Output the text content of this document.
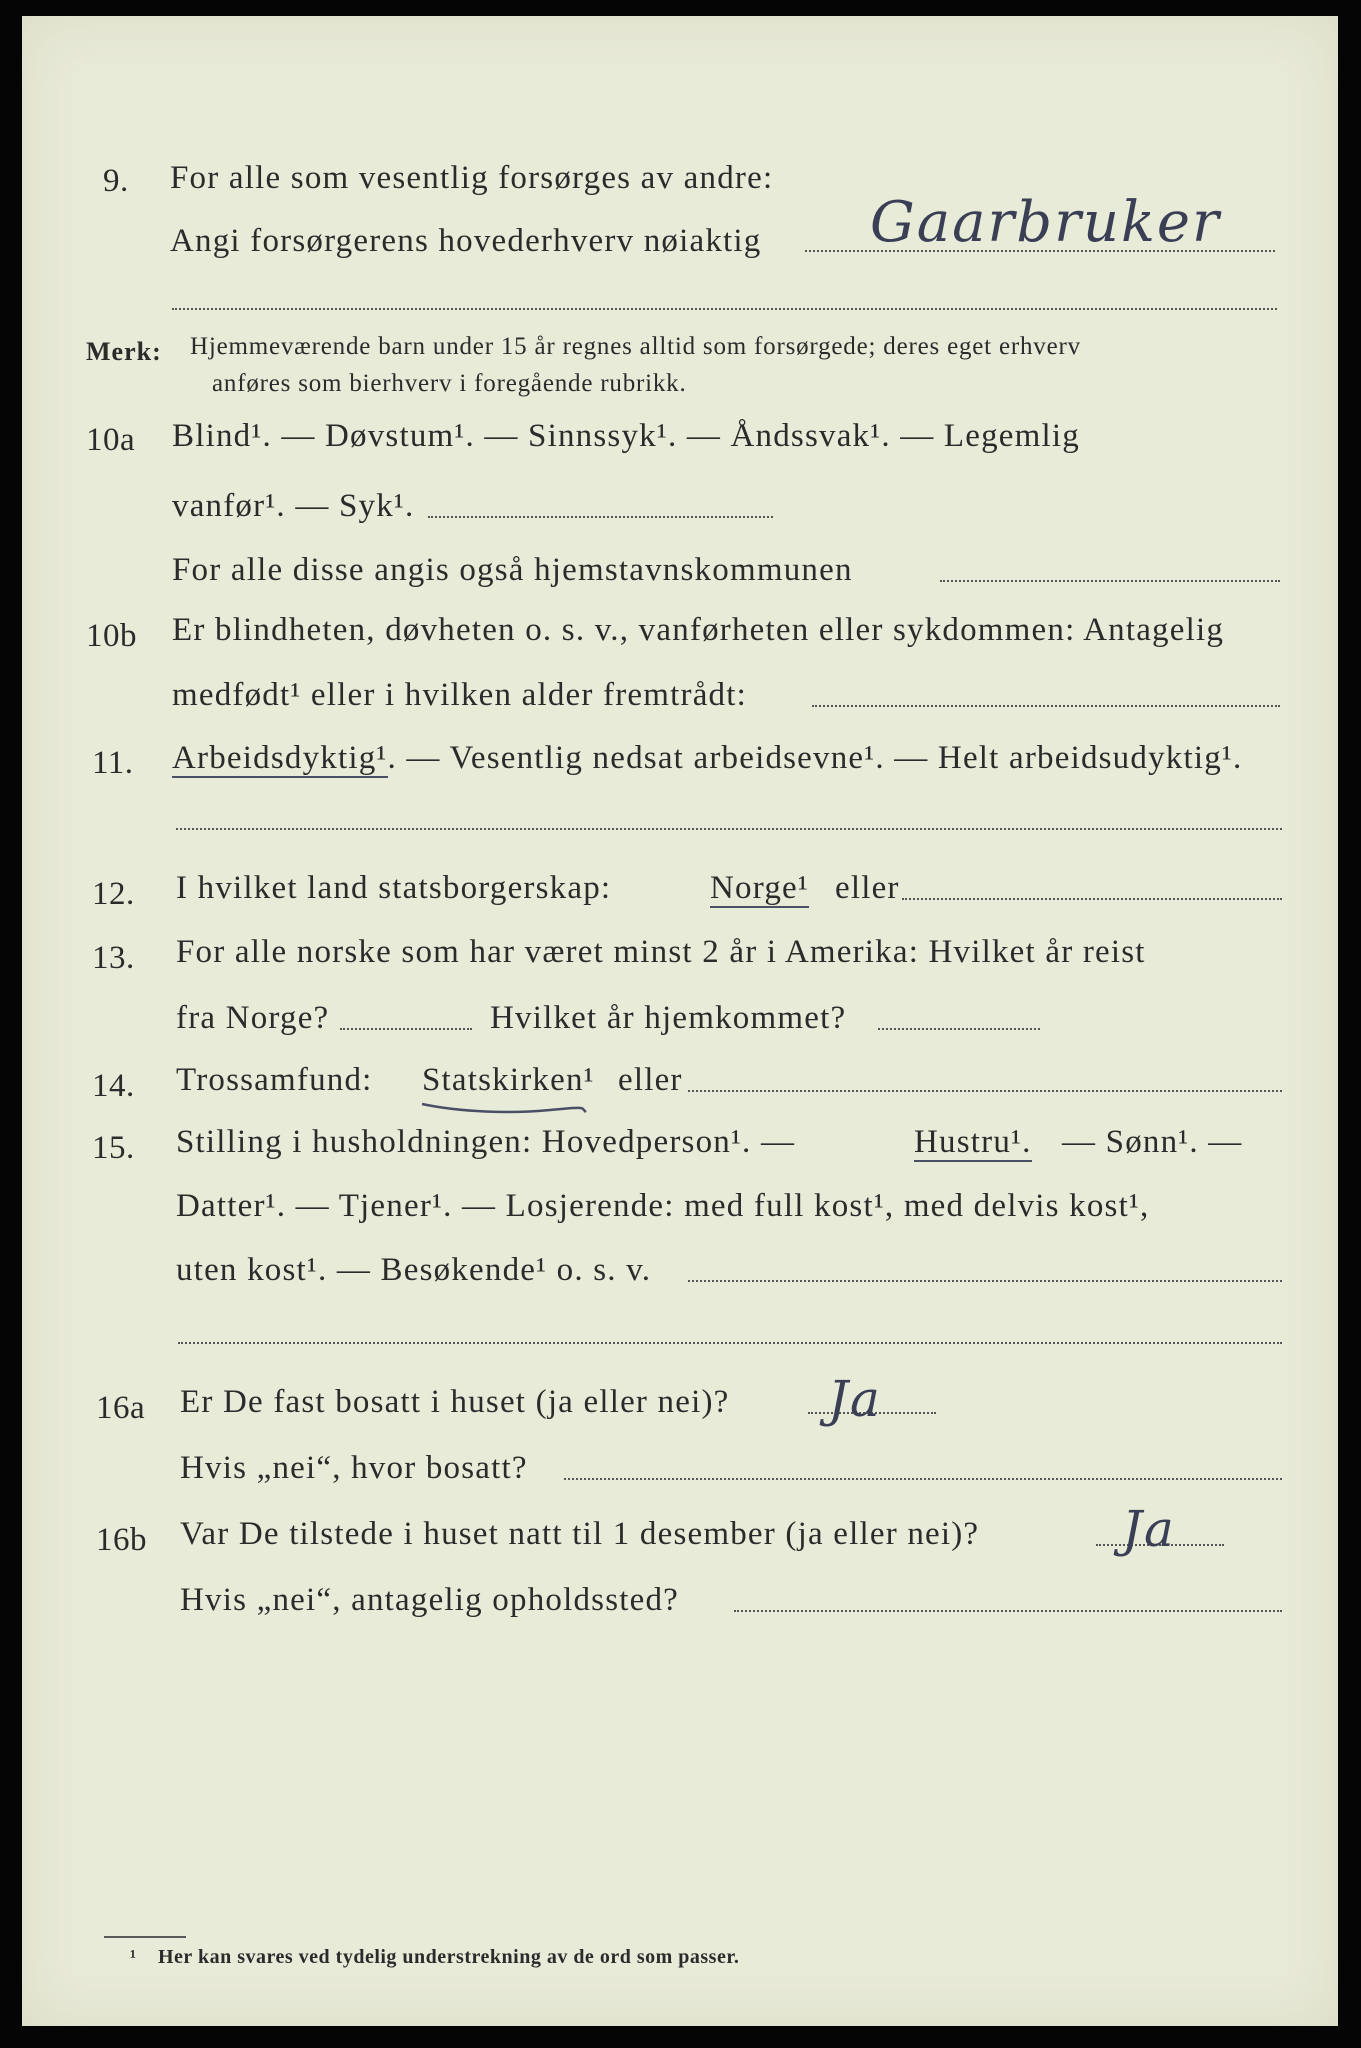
9. For alle som vesentlig forsørges av andre:
Angi forsørgerens hovederhverv nøiaktig Gaarbruker
Merk: Hjemmeværende barn under 15 år regnes alltid som forsørgede; deres eget erhverv
anføres som bierhverv i foregående rubrikk.
10a Blind¹. — Døvstum¹. — Sinnssyk¹. — Åndssvak¹. — Legemlig
vanfør¹. — Syk¹.
For alle disse angis også hjemstavnskommunen
10b Er blindheten, døvheten o. s. v., vanførheten eller sykdommen: Antagelig
medfødt¹ eller i hvilken alder fremtrådt:
11. Arbeidsdyktig¹. — Vesentlig nedsat arbeidsevne¹. — Helt arbeidsudyktig¹.
12. I hvilket land statsborgerskap:	Norge¹ eller
13. For alle norske som har været minst 2 år i Amerika: Hvilket år reist
fra Norge?	Hvilket år hjemkommet?
14. Trossamfund: Statskirken¹ eller
15. Stilling i husholdningen: Hovedperson¹. —	Hustru¹. — Sønn¹. —
Datter¹. — Tjener¹. — Losjerende: med full kost¹, med delvis kost¹,
uten kost¹. — Besøkende¹ o. s. v.
16a Er De fast bosatt i huset (ja eller nei)? Ja
Hvis „nei“, hvor bosatt?
16b Var De tilstede i huset natt til 1 desember (ja eller nei)?	Ja
Hvis „nei“, antagelig opholdssted?
¹ Her kan svares ved tydelig understrekning av de ord som passer.
